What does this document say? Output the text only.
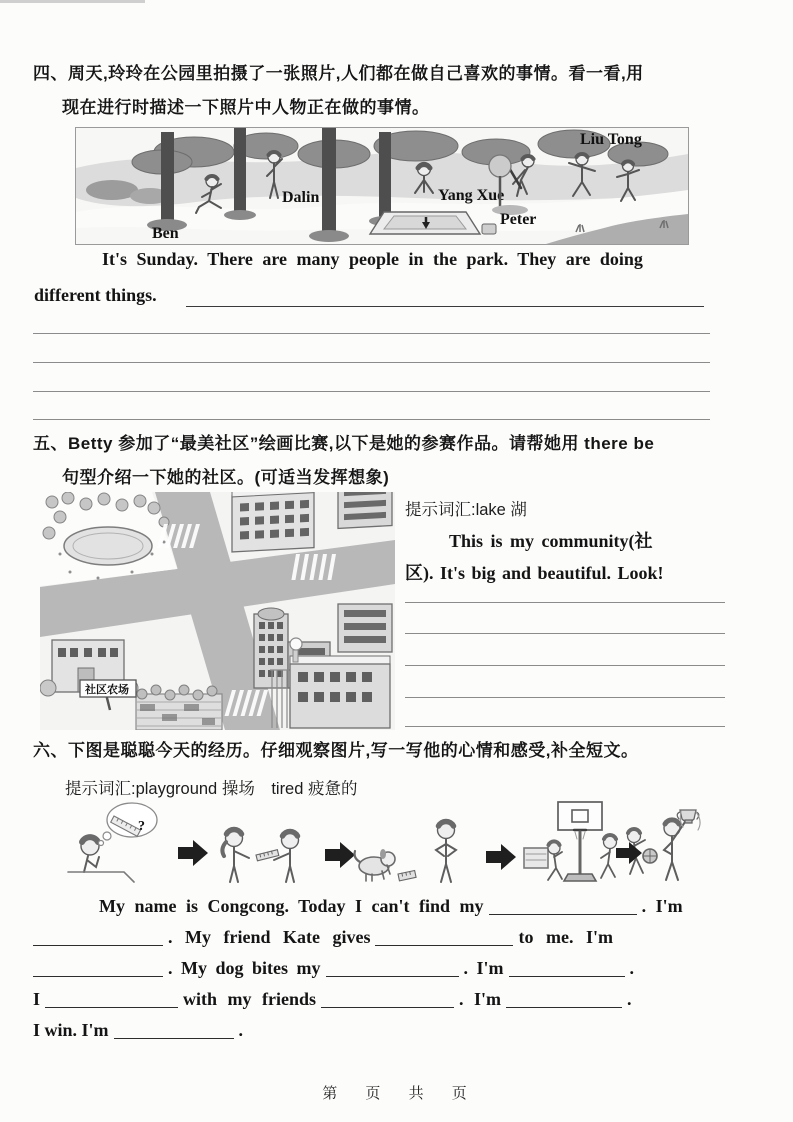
四、周天,玲玲在公园里拍摄了一张照片,人们都在做自己喜欢的事情。看一看,用
现在进行时描述一下照片中人物正在做的事情。
Ben
Dalin	Yang Xue
Peter
Liu Tong
It's Sunday. There are many people in the park. They are doing
different things.
五、Betty 参加了“最美社区”绘画比赛,以下是她的参赛作品。请帮她用 there be
句型介绍一下她的社区。(可适当发挥想象)
社区农场
提示词汇:lake 湖
This is my community(社
区). It's big and beautiful. Look!
六、下图是聪聪今天的经历。仔细观察图片,写一写他的心情和感受,补全短文。
提示词汇:playground 操场　tired 疲惫的
?
My name is Congcong. Today I can't find my	. I'm
. My friend Kate gives	to me. I'm
. My dog bites my	. I'm	.
I	with my friends	. I'm	.
I win. I'm	.
第 页 共 页
